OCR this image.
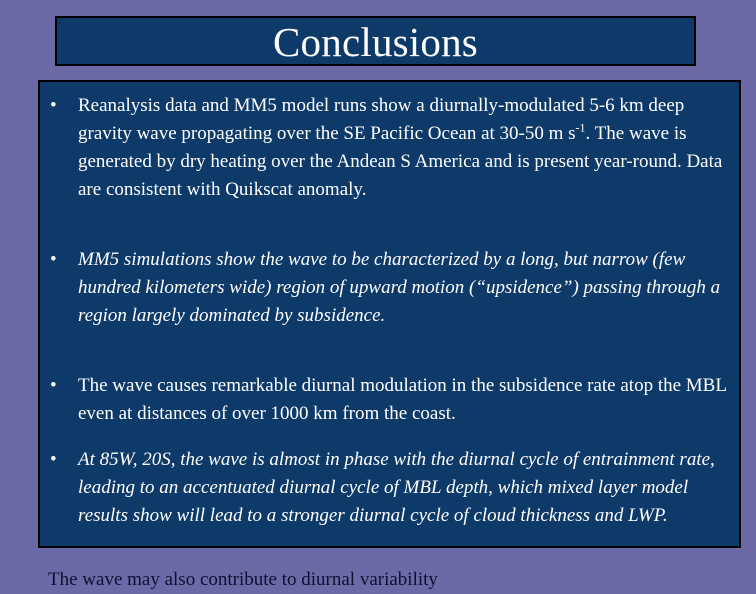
Conclusions
• Reanalysis data and MM5 model runs show a diurnally-modulated 5-6 km deep gravity wave propagating over the SE Pacific Ocean at 30-50 m $s^{-1}$. The wave is generated by dry heating over the Andean S America and is present year-round. Data are consistent with Quikscat anomaly.
• MM5 simulations show the wave to be characterized by a long, but narrow (few hundred kilometers wide) region of upward motion (“upsidence”) passing through a region largely dominated by subsidence.
• The wave causes remarkable diurnal modulation in the subsidence rate atop the MBL even at distances of over 1000 km from the coast.
• At 85W, 20S, the wave is almost in phase with the diurnal cycle of entrainment rate, leading to an accentuated diurnal cycle of MBL depth, which mixed layer model results show will lead to a stronger diurnal cycle of cloud thickness and LWP.
The wave may also contribute to diurnal variability
